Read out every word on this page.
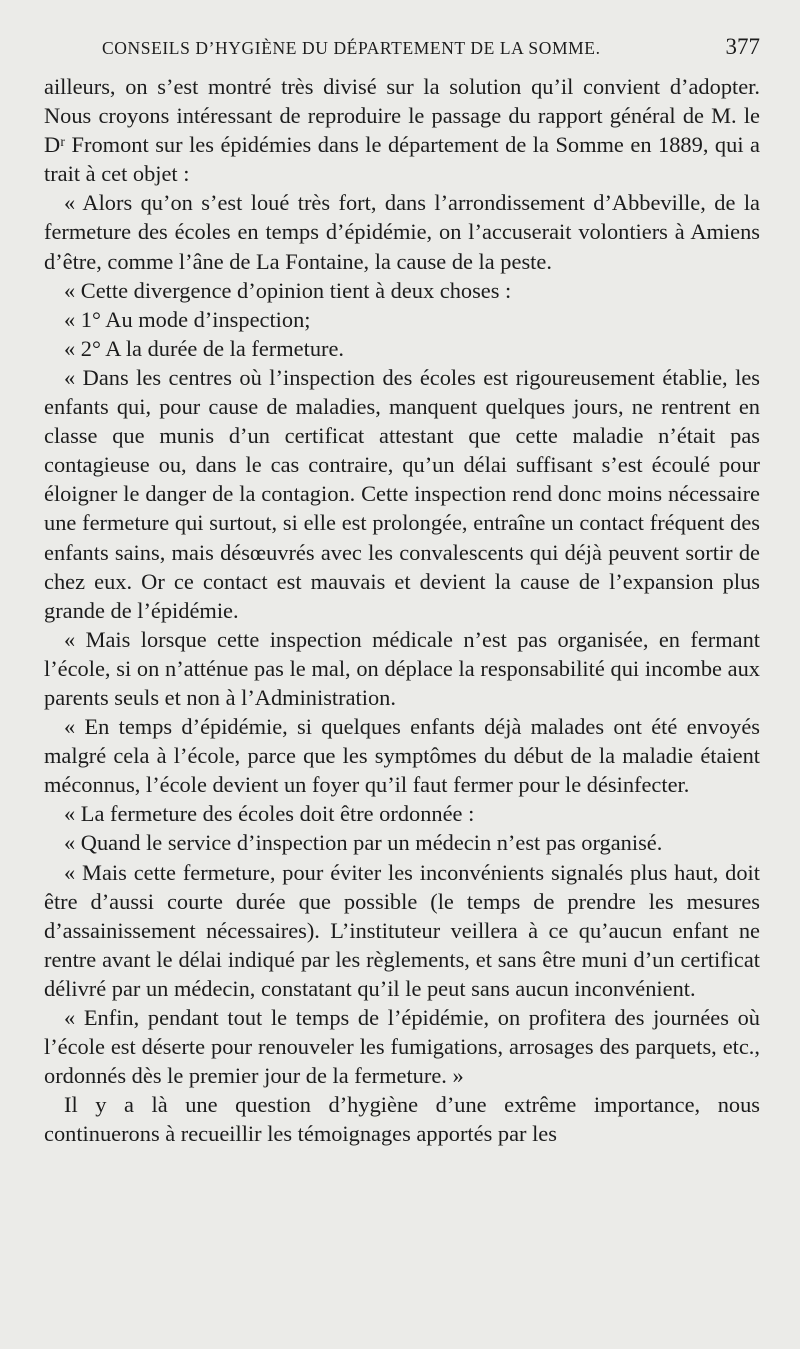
CONSEILS D’HYGIÈNE DU DÉPARTEMENT DE LA SOMME.	377

ailleurs, on s’est montré très divisé sur la solution qu’il convient d’adopter. Nous croyons intéressant de reproduire le passage du rapport général de M. le Dʳ Fromont sur les épidémies dans le département de la Somme en 1889, qui a trait à cet objet :

« Alors qu’on s’est loué très fort, dans l’arrondissement d’Abbeville, de la fermeture des écoles en temps d’épidémie, on l’accuserait volontiers à Amiens d’être, comme l’âne de La Fontaine, la cause de la peste.

« Cette divergence d’opinion tient à deux choses :

« 1° Au mode d’inspection;

« 2° A la durée de la fermeture.

« Dans les centres où l’inspection des écoles est rigoureusement établie, les enfants qui, pour cause de maladies, manquent quelques jours, ne rentrent en classe que munis d’un certificat attestant que cette maladie n’était pas contagieuse ou, dans le cas contraire, qu’un délai suffisant s’est écoulé pour éloigner le danger de la contagion. Cette inspection rend donc moins nécessaire une fermeture qui surtout, si elle est prolongée, entraîne un contact fréquent des enfants sains, mais désœuvrés avec les convalescents qui déjà peuvent sortir de chez eux. Or ce contact est mauvais et devient la cause de l’expansion plus grande de l’épidémie.

« Mais lorsque cette inspection médicale n’est pas organisée, en fermant l’école, si on n’atténue pas le mal, on déplace la responsabilité qui incombe aux parents seuls et non à l’Administration.

« En temps d’épidémie, si quelques enfants déjà malades ont été envoyés malgré cela à l’école, parce que les symptômes du début de la maladie étaient méconnus, l’école devient un foyer qu’il faut fermer pour le désinfecter.

« La fermeture des écoles doit être ordonnée :

« Quand le service d’inspection par un médecin n’est pas organisé.

« Mais cette fermeture, pour éviter les inconvénients signalés plus haut, doit être d’aussi courte durée que possible (le temps de prendre les mesures d’assainissement nécessaires). L’instituteur veillera à ce qu’aucun enfant ne rentre avant le délai indiqué par les règlements, et sans être muni d’un certificat délivré par un médecin, constatant qu’il le peut sans aucun inconvénient.

« Enfin, pendant tout le temps de l’épidémie, on profitera des journées où l’école est déserte pour renouveler les fumigations, arrosages des parquets, etc., ordonnés dès le premier jour de la fermeture. »

Il y a là une question d’hygiène d’une extrême importance, nous continuerons à recueillir les témoignages apportés par les
